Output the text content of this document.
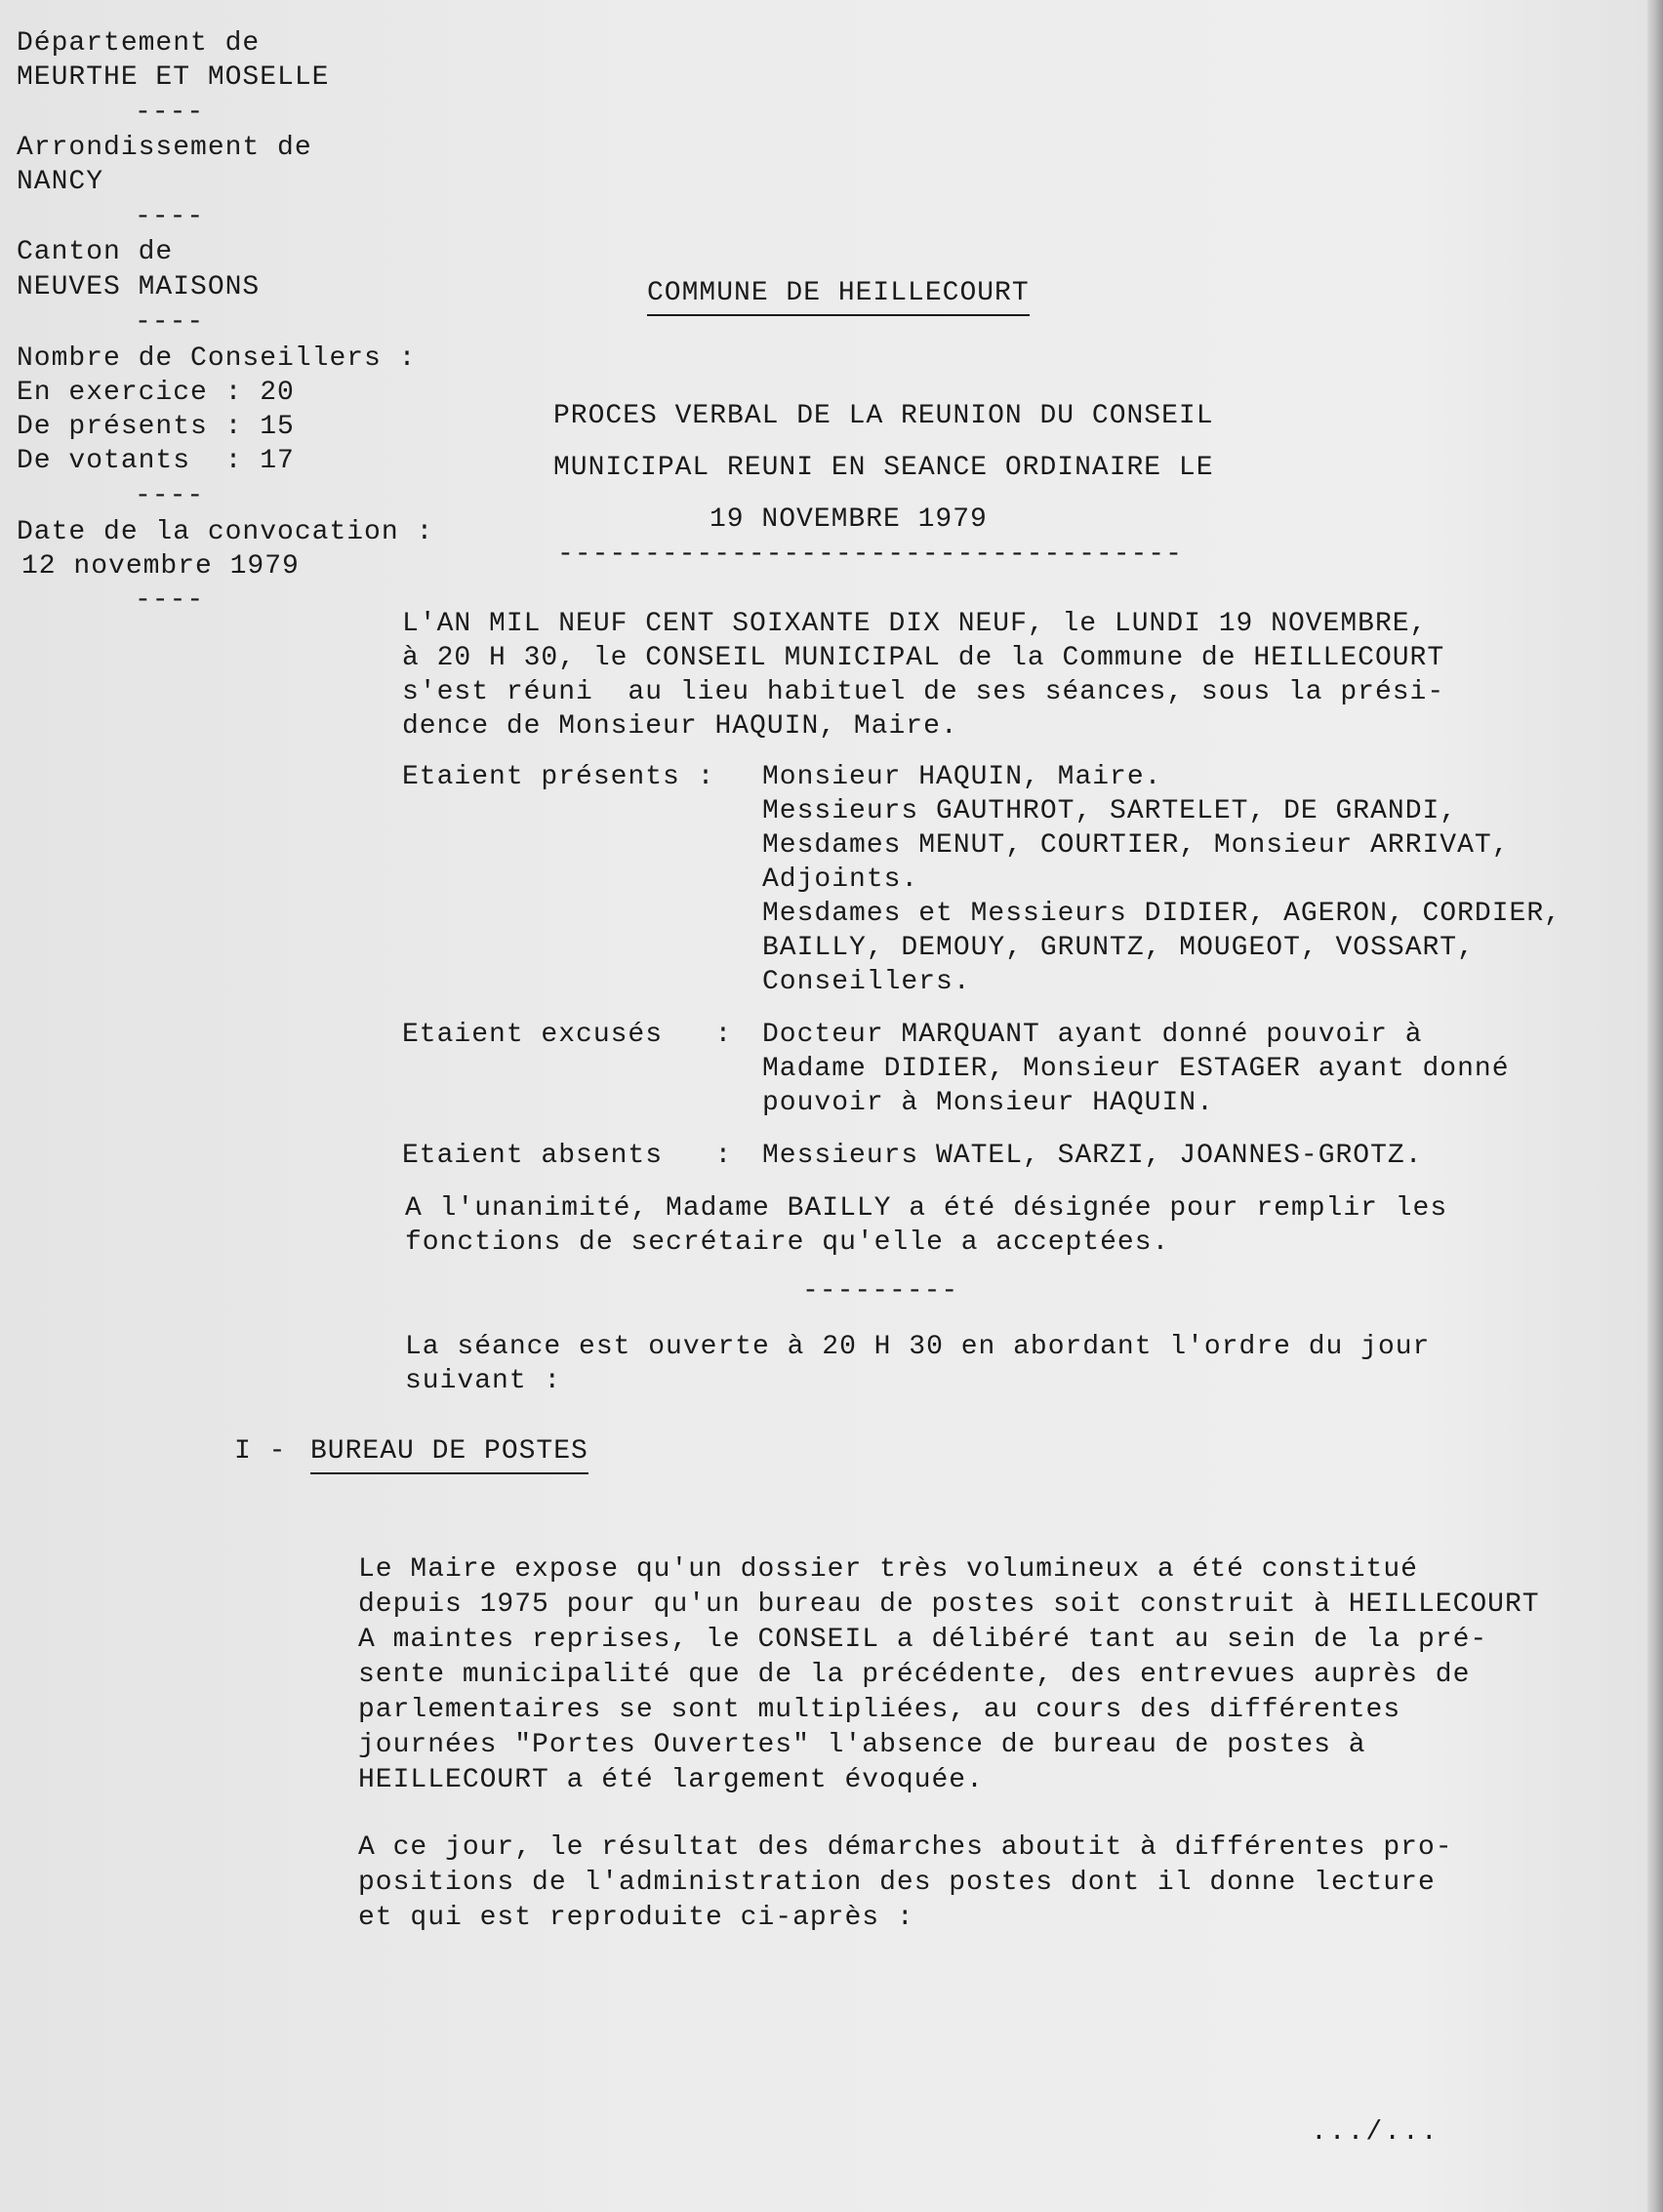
Département de
MEURTHE ET MOSELLE
----
Arrondissement de
NANCY
----
Canton de
NEUVES MAISONS
----
Nombre de Conseillers :
En exercice : 20
De présents : 15
De votants  : 17
----
Date de la convocation :
12 novembre 1979
----
COMMUNE DE HEILLECOURT
PROCES VERBAL DE LA REUNION DU CONSEIL
MUNICIPAL REUNI EN SEANCE ORDINAIRE LE
19 NOVEMBRE 1979
------------------------------------
L'AN MIL NEUF CENT SOIXANTE DIX NEUF, le LUNDI 19 NOVEMBRE,
à 20 H 30, le CONSEIL MUNICIPAL de la Commune de HEILLECOURT
s'est réuni  au lieu habituel de ses séances, sous la prési-
dence de Monsieur HAQUIN, Maire.
Etaient présents : Monsieur HAQUIN, Maire.
Messieurs GAUTHROT, SARTELET, DE GRANDI,
Mesdames MENUT, COURTIER, Monsieur ARRIVAT,
Adjoints.
Mesdames et Messieurs DIDIER, AGERON, CORDIER,
BAILLY, DEMOUY, GRUNTZ, MOUGEOT, VOSSART,
Conseillers.
Etaient excusés   : Docteur MARQUANT ayant donné pouvoir à
Madame DIDIER, Monsieur ESTAGER ayant donné
pouvoir à Monsieur HAQUIN.
Etaient absents   : Messieurs WATEL, SARZI, JOANNES-GROTZ.
A l'unanimité, Madame BAILLY a été désignée pour remplir les
fonctions de secrétaire qu'elle a acceptées.
---------
La séance est ouverte à 20 H 30 en abordant l'ordre du jour
suivant :
I - BUREAU DE POSTES
Le Maire expose qu'un dossier très volumineux a été constitué
depuis 1975 pour qu'un bureau de postes soit construit à HEILLECOURT
A maintes reprises, le CONSEIL a délibéré tant au sein de la pré-
sente municipalité que de la précédente, des entrevues auprès de
parlementaires se sont multipliées, au cours des différentes
journées "Portes Ouvertes" l'absence de bureau de postes à
HEILLECOURT a été largement évoquée.
A ce jour, le résultat des démarches aboutit à différentes pro-
positions de l'administration des postes dont il donne lecture
et qui est reproduite ci-après :
.../...
